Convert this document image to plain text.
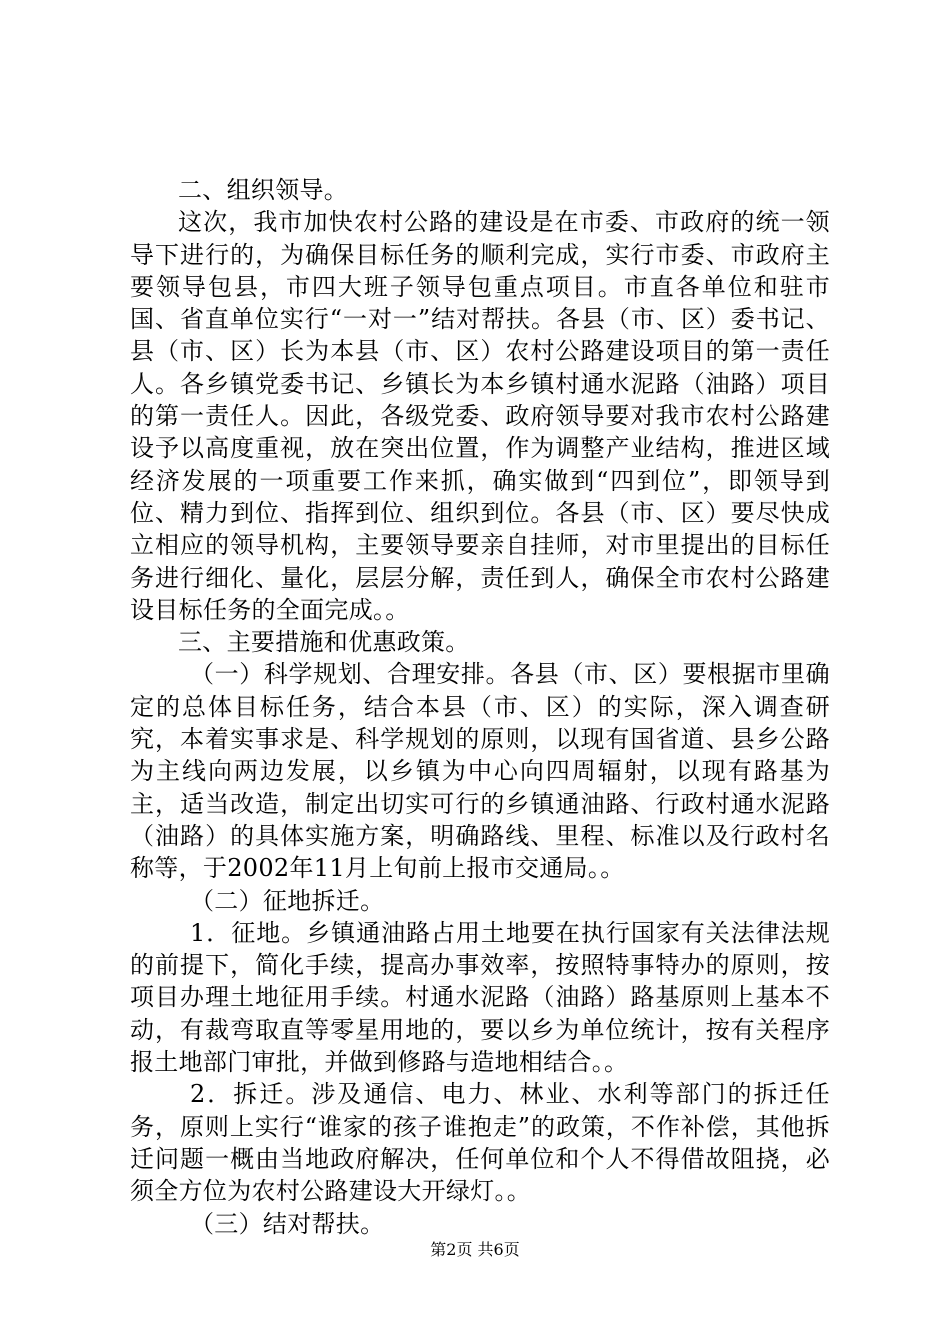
二、组织领导。

这次，我市加快农村公路的建设是在市委、市政府的统一领导下进行的，为确保目标任务的顺利完成，实行市委、市政府主要领导包县，市四大班子领导包重点项目。市直各单位和驻市国、省直单位实行“一对一”结对帮扶。各县（市、区）委书记、县（市、区）长为本县（市、区）农村公路建设项目的第一责任人。各乡镇党委书记、乡镇长为本乡镇村通水泥路（油路）项目的第一责任人。因此，各级党委、政府领导要对我市农村公路建设予以高度重视，放在突出位置，作为调整产业结构，推进区域经济发展的一项重要工作来抓，确实做到“四到位”，即领导到位、精力到位、指挥到位、组织到位。各县（市、区）要尽快成立相应的领导机构，主要领导要亲自挂师，对市里提出的目标任务进行细化、量化，层层分解，责任到人，确保全市农村公路建设目标任务的全面完成。。

三、主要措施和优惠政策。

（一）科学规划、合理安排。各县（市、区）要根据市里确定的总体目标任务，结合本县（市、区）的实际，深入调查研究，本着实事求是、科学规划的原则，以现有国省道、县乡公路为主线向两边发展，以乡镇为中心向四周辐射，以现有路基为主，适当改造，制定出切实可行的乡镇通油路、行政村通水泥路（油路）的具体实施方案，明确路线、里程、标准以及行政村名称等，于2002年11月上旬前上报市交通局。。

（二）征地拆迁。

1．征地。乡镇通油路占用土地要在执行国家有关法律法规的前提下，简化手续，提高办事效率，按照特事特办的原则，按项目办理土地征用手续。村通水泥路（油路）路基原则上基本不动，有裁弯取直等零星用地的，要以乡为单位统计，按有关程序报土地部门审批，并做到修路与造地相结合。。

2．拆迁。涉及通信、电力、林业、水利等部门的拆迁任务，原则上实行“谁家的孩子谁抱走”的政策，不作补偿，其他拆迁问题一概由当地政府解决，任何单位和个人不得借故阻挠，必须全方位为农村公路建设大开绿灯。。

（三）结对帮扶。

第2页 共6页
